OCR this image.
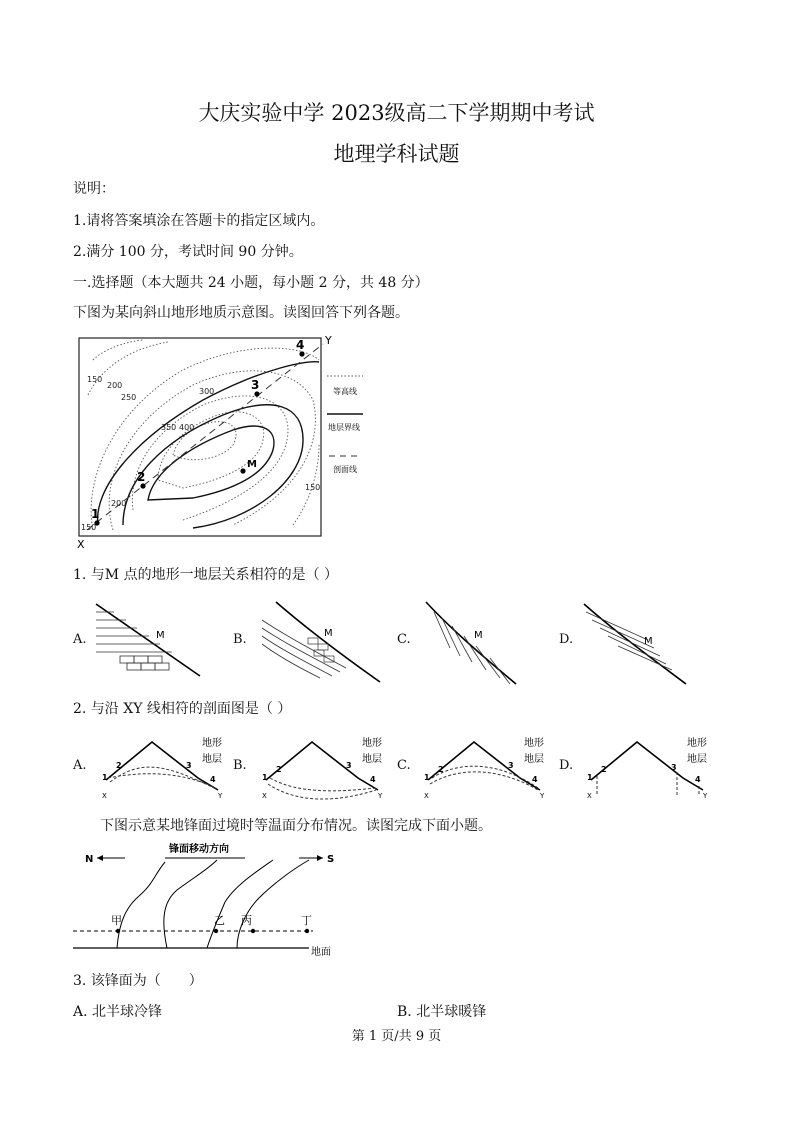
大庆实验中学 2023级高二下学期期中考试
地理学科试题
说明：
1.请将答案填涂在答题卡的指定区域内。
2.满分 100 分，考试时间 90 分钟。
一.选择题（本大题共 24 小题，每小题 2 分，共 48 分）
下图为某向斜山地形地质示意图。读图回答下列各题。
150
200
250
300
350 400
150
200
150
1
2
3
4
M
X
Y
等高线
地层界线
剖面线
1. 与M 点的地形一地层关系相符的是（ ）
A.	M	B.	M	C.	M	D.	M
2. 与沿 XY 线相符的剖面图是（ ）
A.
1
2	3
4
X	Y
地形
地层 B.
1
2	3
4
X	Y
地形
地层 C.
1
2	3
4
X	Y
地形
地层 D.
1
2	3
4
X	Y
地形
地层
下图示意某地锋面过境时等温面分布情况。读图完成下面小题。
N
锋面移动方向
S
甲	乙 丙	丁
地面
3. 该锋面为（　　）
A. 北半球冷锋	B. 北半球暖锋
第 1 页/共 9 页
